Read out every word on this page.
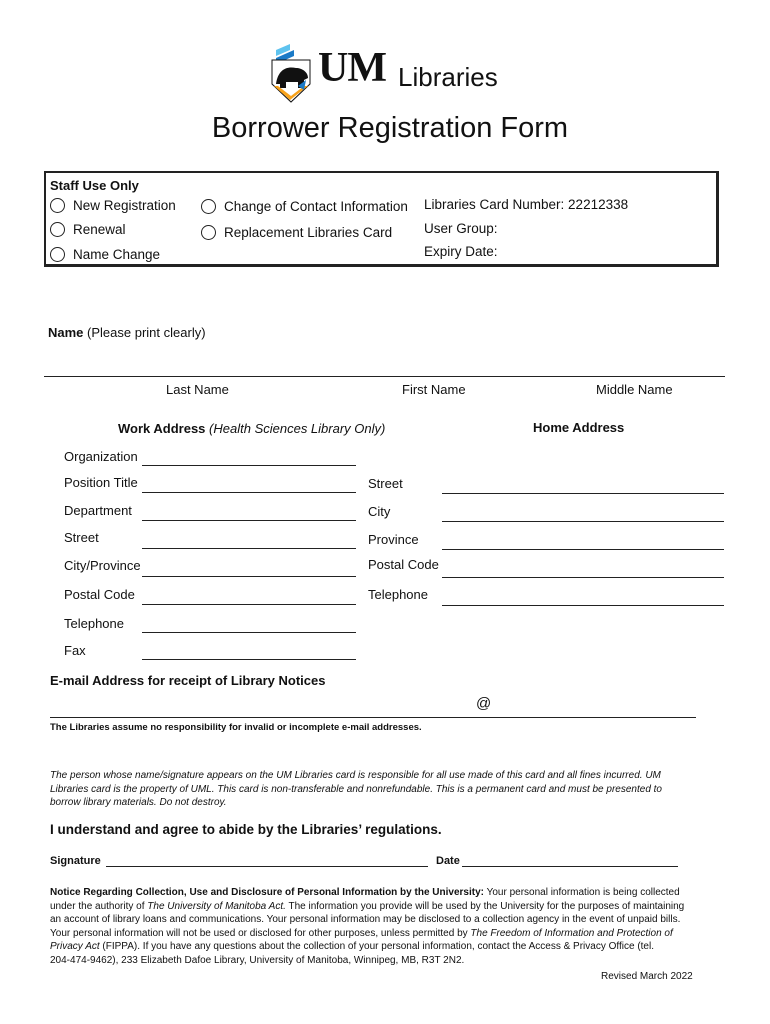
UM Libraries
Borrower Registration Form
Staff Use Only
New Registration
Renewal
Name Change
Change of Contact Information
Replacement Libraries Card
Libraries Card Number: 22212338
User Group:
Expiry Date:
Name (Please print clearly)
Last Name	First Name	Middle Name
Work Address (Health Sciences Library Only)	Home Address
Organization
Position Title
Department
Street
City/Province
Postal Code
Telephone
Fax
Street
City
Province
Postal Code
Telephone
E-mail Address for receipt of Library Notices
@
The Libraries assume no responsibility for invalid or incomplete e-mail addresses.
The person whose name/signature appears on the UM Libraries card is responsible for all use made of this card and all fines incurred. UM
Libraries card is the property of UML. This card is non-transferable and nonrefundable. This is a permanent card and must be presented to
borrow library materials. Do not destroy.
I understand and agree to abide by the Libraries’ regulations.
Signature	Date
Notice Regarding Collection, Use and Disclosure of Personal Information by the University: Your personal information is being collected
under the authority of The University of Manitoba Act. The information you provide will be used by the University for the purposes of maintaining
an account of library loans and communications. Your personal information may be disclosed to a collection agency in the event of unpaid bills.
Your personal information will not be used or disclosed for other purposes, unless permitted by The Freedom of Information and Protection of
Privacy Act (FIPPA). If you have any questions about the collection of your personal information, contact the Access & Privacy Office (tel.
204-474-9462), 233 Elizabeth Dafoe Library, University of Manitoba, Winnipeg, MB, R3T 2N2.
Revised March 2022
